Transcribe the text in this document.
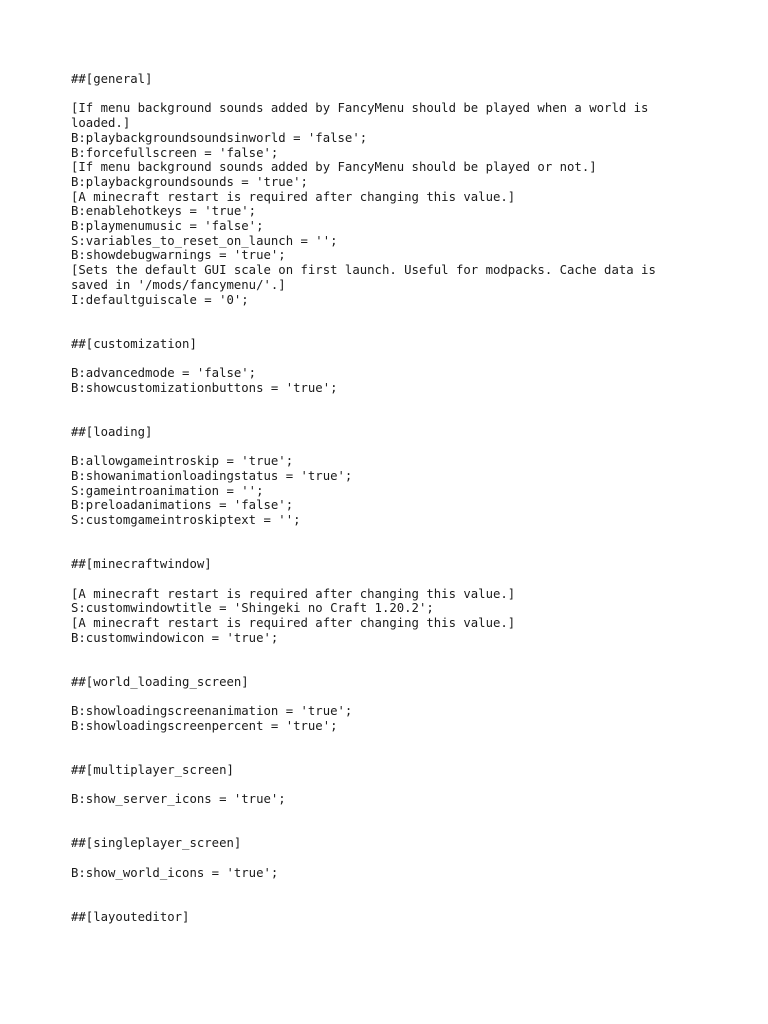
##[general]
[If menu background sounds added by FancyMenu should be played when a world is
loaded.]
B:playbackgroundsoundsinworld = 'false';
B:forcefullscreen = 'false';
[If menu background sounds added by FancyMenu should be played or not.]
B:playbackgroundsounds = 'true';
[A minecraft restart is required after changing this value.]
B:enablehotkeys = 'true';
B:playmenumusic = 'false';
S:variables_to_reset_on_launch = '';
B:showdebugwarnings = 'true';
[Sets the default GUI scale on first launch. Useful for modpacks. Cache data is
saved in '/mods/fancymenu/'.]
I:defaultguiscale = '0';
##[customization]
B:advancedmode = 'false';
B:showcustomizationbuttons = 'true';
##[loading]
B:allowgameintroskip = 'true';
B:showanimationloadingstatus = 'true';
S:gameintroanimation = '';
B:preloadanimations = 'false';
S:customgameintroskiptext = '';
##[minecraftwindow]
[A minecraft restart is required after changing this value.]
S:customwindowtitle = 'Shingeki no Craft 1.20.2';
[A minecraft restart is required after changing this value.]
B:customwindowicon = 'true';
##[world_loading_screen]
B:showloadingscreenanimation = 'true';
B:showloadingscreenpercent = 'true';
##[multiplayer_screen]
B:show_server_icons = 'true';
##[singleplayer_screen]
B:show_world_icons = 'true';
##[layouteditor]
